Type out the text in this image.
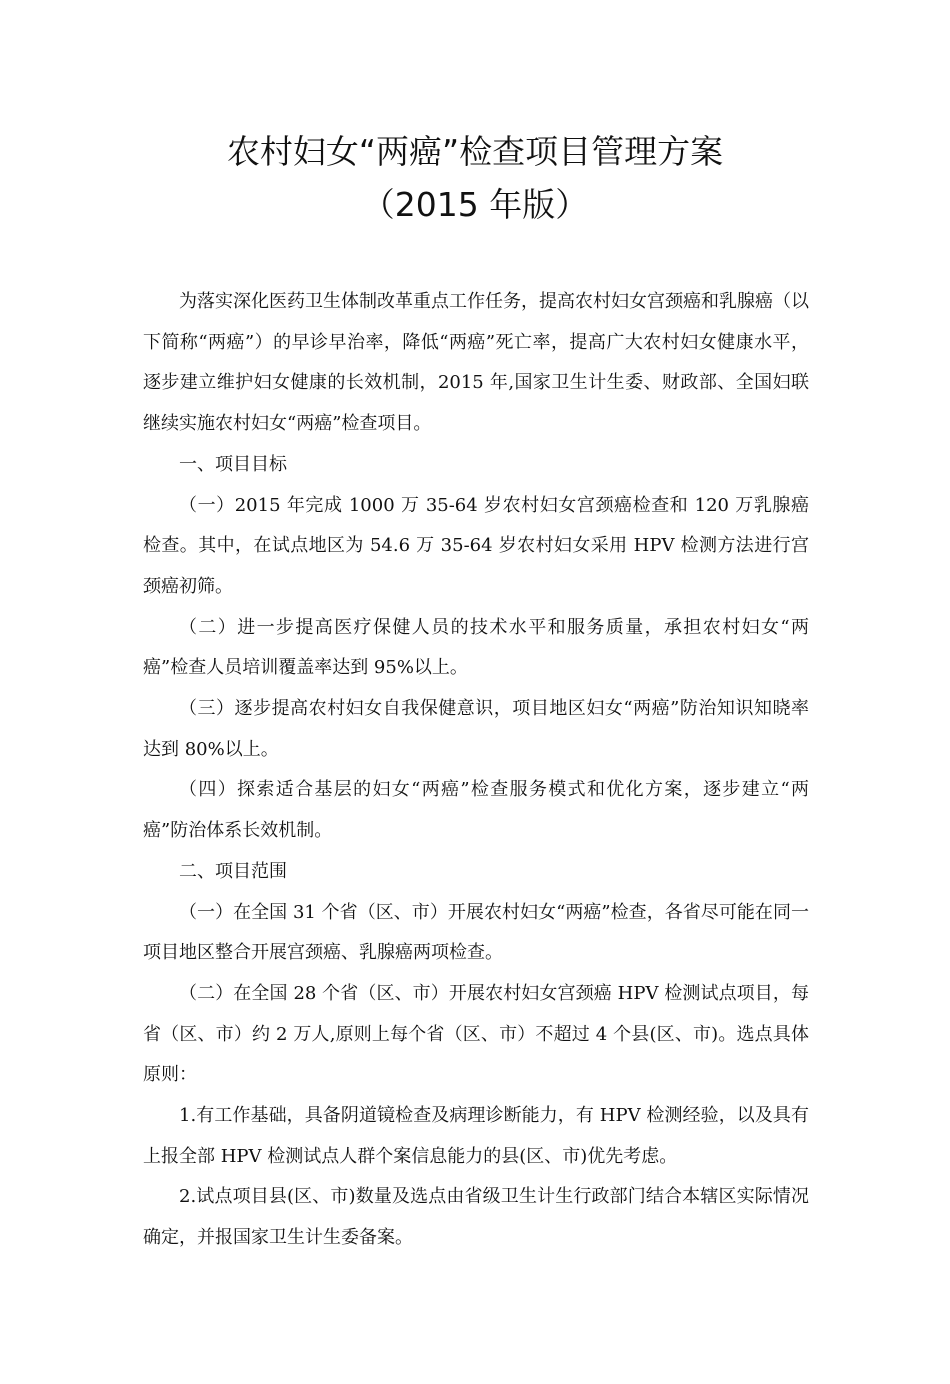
农村妇女“两癌”检查项目管理方案
（2015 年版）

为落实深化医药卫生体制改革重点工作任务，提高农村妇女宫颈癌和乳腺癌（以下简称“两癌”）的早诊早治率，降低“两癌”死亡率，提高广大农村妇女健康水平，逐步建立维护妇女健康的长效机制，2015 年,国家卫生计生委、财政部、全国妇联继续实施农村妇女“两癌”检查项目。

一、项目目标

（一）2015 年完成 1000 万 35-64 岁农村妇女宫颈癌检查和 120 万乳腺癌检查。其中，在试点地区为 54.6 万 35-64 岁农村妇女采用 HPV 检测方法进行宫颈癌初筛。

（二）进一步提高医疗保健人员的技术水平和服务质量，承担农村妇女“两癌”检查人员培训覆盖率达到 95%以上。

（三）逐步提高农村妇女自我保健意识，项目地区妇女“两癌”防治知识知晓率达到 80%以上。

（四）探索适合基层的妇女“两癌”检查服务模式和优化方案，逐步建立“两癌”防治体系长效机制。

二、项目范围

（一）在全国 31 个省（区、市）开展农村妇女“两癌”检查，各省尽可能在同一项目地区整合开展宫颈癌、乳腺癌两项检查。

（二）在全国 28 个省（区、市）开展农村妇女宫颈癌 HPV 检测试点项目，每省（区、市）约 2 万人,原则上每个省（区、市）不超过 4 个县(区、市)。选点具体原则：

1.有工作基础，具备阴道镜检查及病理诊断能力，有 HPV 检测经验，以及具有上报全部 HPV 检测试点人群个案信息能力的县(区、市)优先考虑。

2.试点项目县(区、市)数量及选点由省级卫生计生行政部门结合本辖区实际情况确定，并报国家卫生计生委备案。
